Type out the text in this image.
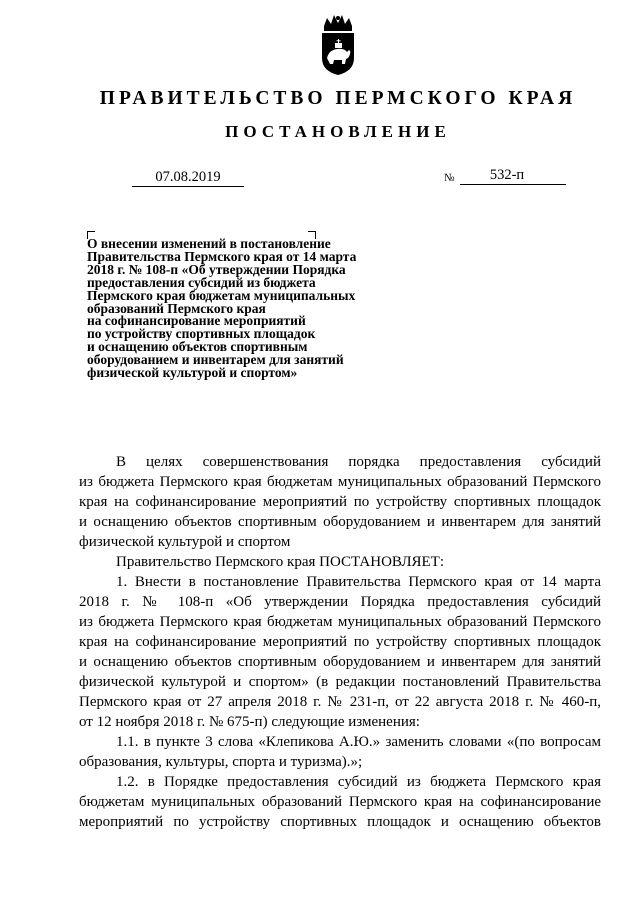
ПРАВИТЕЛЬСТВО ПЕРМСКОГО КРАЯ
ПОСТАНОВЛЕНИЕ
07.08.2019	№	532-п
О внесении изменений в постановление
Правительства Пермского края от 14 марта
2018 г. № 108-п «Об утверждении Порядка
предоставления субсидий из бюджета
Пермского края бюджетам муниципальных
образований Пермского края
на софинансирование мероприятий
по устройству спортивных площадок
и оснащению объектов спортивным
оборудованием и инвентарем для занятий
физической культурой и спортом»

В целях совершенствования порядка предоставления субсидий

из бюджета Пермского края бюджетам муниципальных образований Пермского

края на софинансирование мероприятий по устройству спортивных площадок

и оснащению объектов спортивным оборудованием и инвентарем для занятий

физической культурой и спортом

Правительство Пермского края ПОСТАНОВЛЯЕТ:

1. Внести в постановление Правительства Пермского края от 14 марта

2018 г. № 108-п «Об утверждении Порядка предоставления субсидий

из бюджета Пермского края бюджетам муниципальных образований Пермского

края на софинансирование мероприятий по устройству спортивных площадок

и оснащению объектов спортивным оборудованием и инвентарем для занятий

физической культурой и спортом» (в редакции постановлений Правительства

Пермского края от 27 апреля 2018 г. № 231-п, от 22 августа 2018 г. № 460-п,

от 12 ноября 2018 г. № 675-п) следующие изменения:

1.1. в пункте 3 слова «Клепикова А.Ю.» заменить словами «(по вопросам

образования, культуры, спорта и туризма).»;

1.2. в Порядке предоставления субсидий из бюджета Пермского края

бюджетам муниципальных образований Пермского края на софинансирование

мероприятий по устройству спортивных площадок и оснащению объектов
